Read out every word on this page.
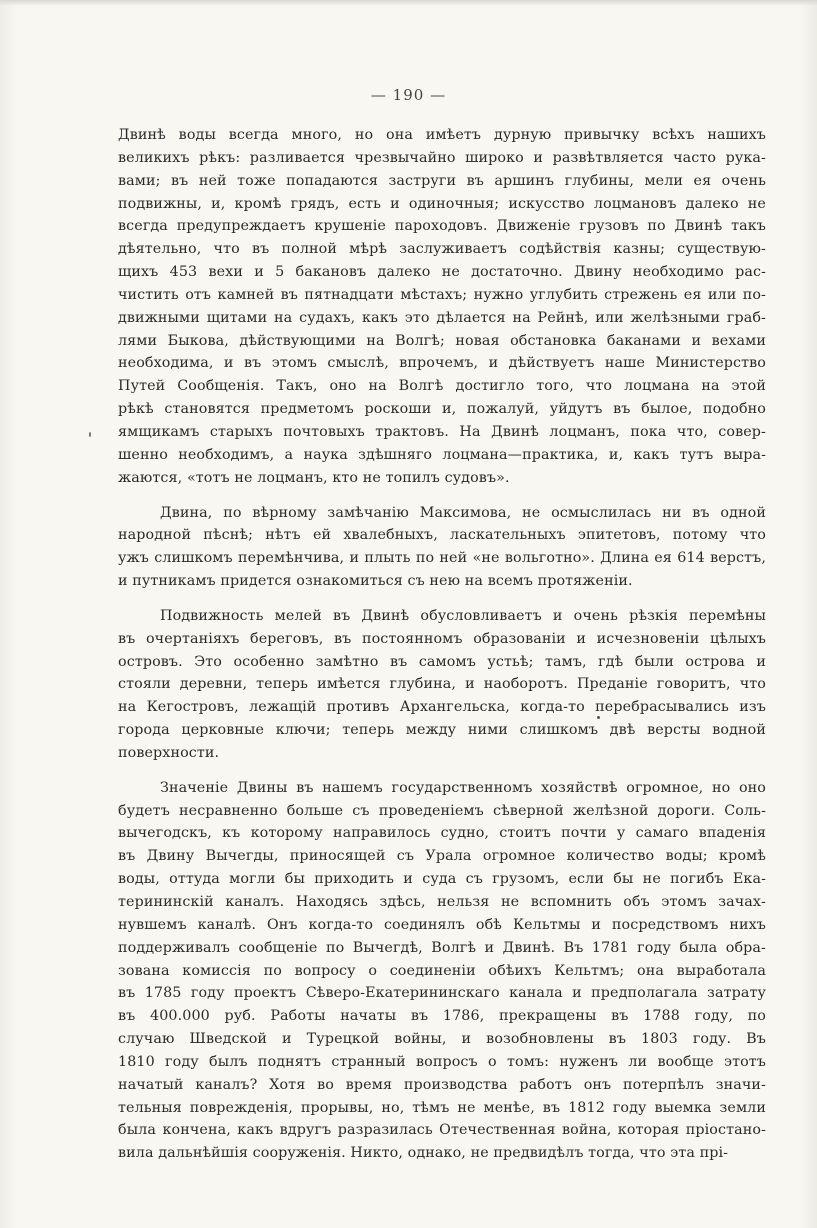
— 190 —
Двинѣ воды всегда много, но она имѣетъ дурную привычку всѣхъ нашихъ
великихъ рѣкъ: разливается чрезвычайно широко и развѣтвляется часто рука-
вами; въ ней тоже попадаются заструги въ аршинъ глубины, мели ея очень
подвижны, и, кромѣ грядъ, есть и одиночныя; искусство лоцмановъ далеко не
всегда предупреждаетъ крушеніе пароходовъ. Движеніе грузовъ по Двинѣ такъ
дѣятельно, что въ полной мѣрѣ заслуживаетъ содѣйствія казны; существую-
щихъ 453 вехи и 5 бакановъ далеко не достаточно. Двину необходимо рас-
чистить отъ камней въ пятнадцати мѣстахъ; нужно углубить стрежень ея или по-
движными щитами на судахъ, какъ это дѣлается на Рейнѣ, или желѣзными граб-
лями Быкова, дѣйствующими на Волгѣ; новая обстановка баканами и вехами
необходима, и въ этомъ смыслѣ, впрочемъ, и дѣйствуетъ наше Министерство
Путей Сообщенія. Такъ, оно на Волгѣ достигло того, что лоцмана на этой
рѣкѣ становятся предметомъ роскоши и, пожалуй, уйдутъ въ былое, подобно
ямщикамъ старыхъ почтовыхъ трактовъ. На Двинѣ лоцманъ, пока что, совер-
шенно необходимъ, а наука здѣшняго лоцмана—практика, и, какъ тутъ выра-
жаются, «тотъ не лоцманъ, кто не топилъ судовъ».
Двина, по вѣрному замѣчанію Максимова, не осмыслилась ни въ одной
народной пѣснѣ; нѣтъ ей хвалебныхъ, ласкательныхъ эпитетовъ, потому что
ужъ слишкомъ перемѣнчива, и плыть по ней «не вольготно». Длина ея 614 верстъ,
и путникамъ придется ознакомиться съ нею на всемъ протяженіи.
Подвижность мелей въ Двинѣ обусловливаетъ и очень рѣзкія перемѣны
въ очертаніяхъ береговъ, въ постоянномъ образованіи и исчезновеніи цѣлыхъ
островъ. Это особенно замѣтно въ самомъ устьѣ; тамъ, гдѣ были острова и
стояли деревни, теперь имѣется глубина, и наоборотъ. Преданіе говоритъ, что
на Кегостровъ, лежащій противъ Архангельска, когда-то перебрасывались изъ
города церковные ключи; теперь между ними слишкомъ двѣ версты водной
поверхности.
Значеніе Двины въ нашемъ государственномъ хозяйствѣ огромное, но оно
будетъ несравненно больше съ проведеніемъ сѣверной желѣзной дороги. Соль-
вычегодскъ, къ которому направилось судно, стоитъ почти у самаго впаденія
въ Двину Вычегды, приносящей съ Урала огромное количество воды; кромѣ
воды, оттуда могли бы приходить и суда съ грузомъ, если бы не погибъ Ека-
терининскій каналъ. Находясь здѣсь, нельзя не вспомнить объ этомъ зачах-
нувшемъ каналѣ. Онъ когда-то соединялъ обѣ Кельтмы и посредствомъ нихъ
поддерживалъ сообщеніе по Вычегдѣ, Волгѣ и Двинѣ. Въ 1781 году была обра-
зована комиссія по вопросу о соединеніи обѣихъ Кельтмъ; она выработала
въ 1785 году проектъ Сѣверо-Екатерининскаго канала и предполагала затрату
въ 400.000 руб. Работы начаты въ 1786, прекращены въ 1788 году, по
случаю Шведской и Турецкой войны, и возобновлены въ 1803 году. Въ
1810 году былъ поднятъ странный вопросъ о томъ: нуженъ ли вообще этотъ
начатый каналъ? Хотя во время производства работъ онъ потерпѣлъ значи-
тельныя поврежденія, прорывы, но, тѣмъ не менѣе, въ 1812 году выемка земли
была кончена, какъ вдругъ разразилась Отечественная война, которая пріостано-
вила дальнѣйшія сооруженія. Никто, однако, не предвидѣлъ тогда, что эта прі-
